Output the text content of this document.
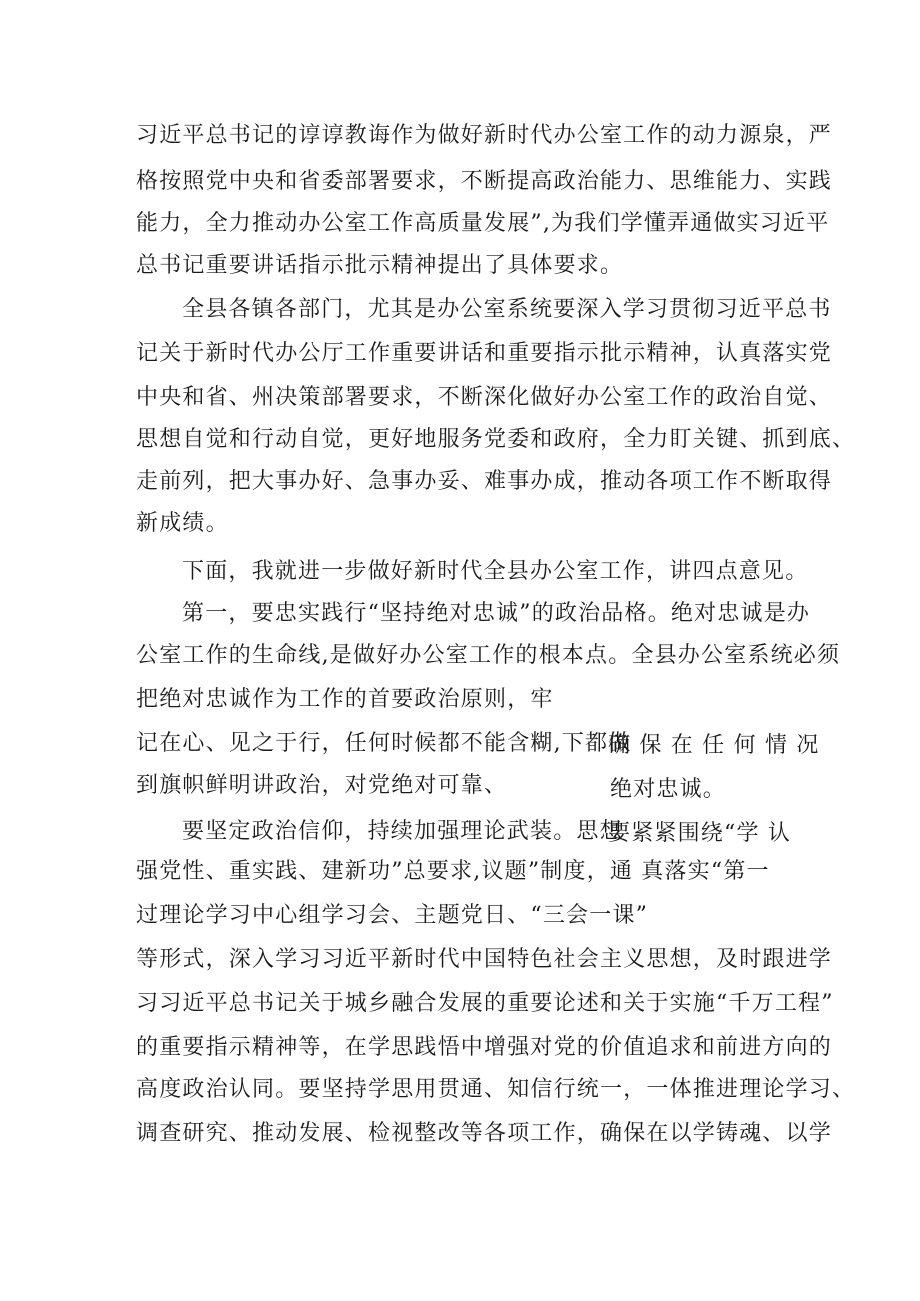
习近平总书记的谆谆教诲作为做好新时代办公室工作的动力源泉，严
格按照党中央和省委部署要求，不断提高政治能力、思维能力、实践
能力，全力推动办公室工作高质量发展”,为我们学懂弄通做实习近平
总书记重要讲话指示批示精神提出了具体要求。
全县各镇各部门，尤其是办公室系统要深入学习贯彻习近平总书
记关于新时代办公厅工作重要讲话和重要指示批示精神，认真落实党
中央和省、州决策部署要求，不断深化做好办公室工作的政治自觉、
思想自觉和行动自觉，更好地服务党委和政府，全力盯关键、抓到底、
走前列，把大事办好、急事办妥、难事办成，推动各项工作不断取得
新成绩。
下面，我就进一步做好新时代全县办公室工作，讲四点意见。
第一，要忠实践行“坚持绝对忠诚”的政治品格。绝对忠诚是办
公室工作的生命线,是做好办公室工作的根本点。全县办公室系统必须
把绝对忠诚作为工作的首要政治原则，牢
记在心、见之于行，任何时候都不能含糊,下都做
确 保 在 任 何 情 况
到旗帜鲜明讲政治，对党绝对可靠、	绝对忠诚。
要坚定政治信仰，持续加强理论武装。思想
要紧紧围绕“学 认
强党性、重实践、建新功”总要求,议题”制度，通 真落实“第一
过理论学习中心组学习会、主题党日、“三会一课”
等形式，深入学习习近平新时代中国特色社会主义思想，及时跟进学
习习近平总书记关于城乡融合发展的重要论述和关于实施“千万工程”
的重要指示精神等，在学思践悟中增强对党的价值追求和前进方向的
高度政治认同。要坚持学思用贯通、知信行统一，一体推进理论学习、
调查研究、推动发展、检视整改等各项工作，确保在以学铸魂、以学
